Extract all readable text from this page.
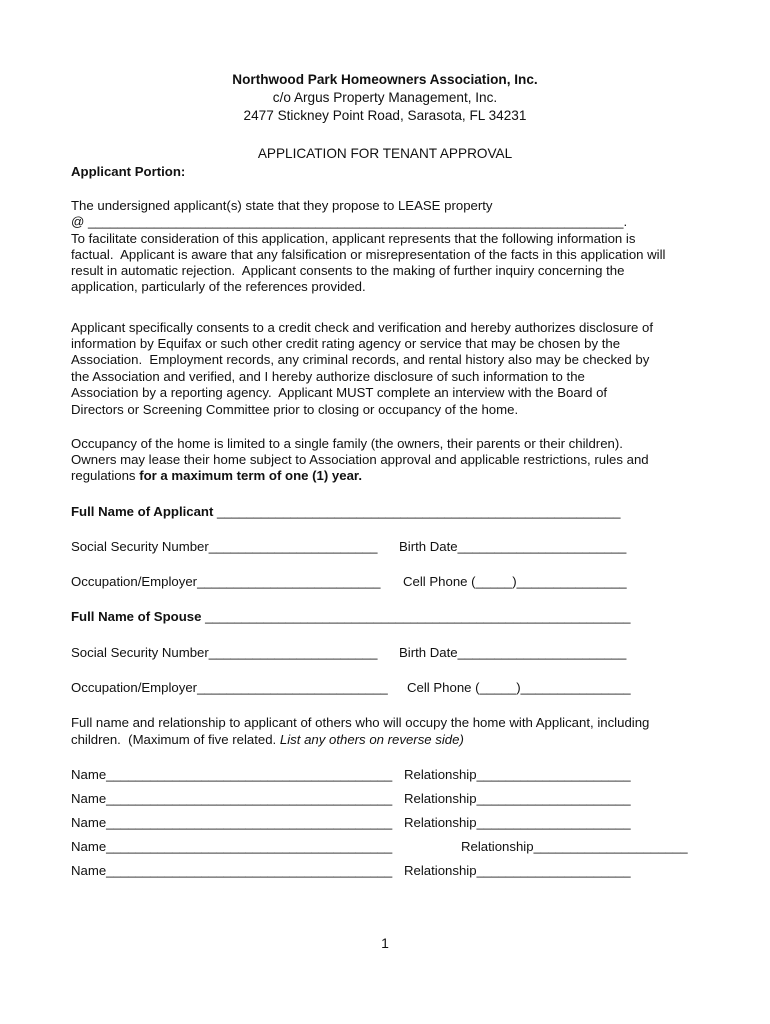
Northwood Park Homeowners Association, Inc.
c/o Argus Property Management, Inc.
2477 Stickney Point Road, Sarasota, FL 34231
APPLICATION FOR TENANT APPROVAL
Applicant Portion:
The undersigned applicant(s) state that they propose to LEASE property
@ _________________________________________________________________________.
To facilitate consideration of this application, applicant represents that the following information is
factual.  Applicant is aware that any falsification or misrepresentation of the facts in this application will
result in automatic rejection.  Applicant consents to the making of further inquiry concerning the
application, particularly of the references provided.
Applicant specifically consents to a credit check and verification and hereby authorizes disclosure of
information by Equifax or such other credit rating agency or service that may be chosen by the
Association.  Employment records, any criminal records, and rental history also may be checked by
the Association and verified, and I hereby authorize disclosure of such information to the
Association by a reporting agency.  Applicant MUST complete an interview with the Board of
Directors or Screening Committee prior to closing or occupancy of the home.
Occupancy of the home is limited to a single family (the owners, their parents or their children).
Owners may lease their home subject to Association approval and applicable restrictions, rules and
regulations for a maximum term of one (1) year.
Full Name of Applicant _______________________________________________________
Social Security Number_______________________ Birth Date_______________________
Occupation/Employer_________________________ Cell Phone (_____)_______________
Full Name of Spouse __________________________________________________________
Social Security Number_______________________ Birth Date_______________________
Occupation/Employer__________________________ Cell Phone (_____)_______________
Full name and relationship to applicant of others who will occupy the home with Applicant, including
children.  (Maximum of five related. List any others on reverse side)
Name_______________________________________ Relationship_____________________
Name_______________________________________ Relationship_____________________
Name_______________________________________ Relationship_____________________
Name_______________________________________	Relationship_____________________
Name_______________________________________ Relationship_____________________
1
